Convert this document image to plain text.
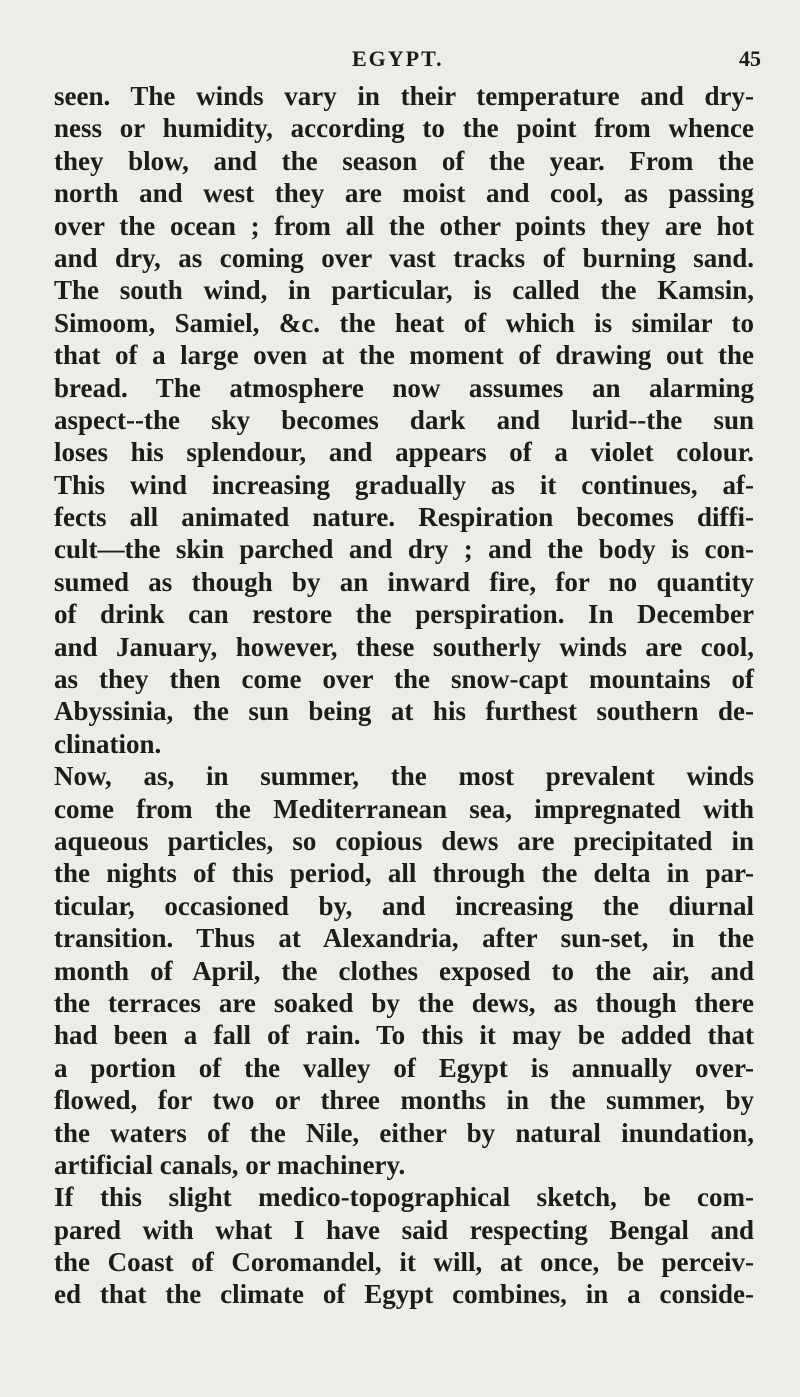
EGYPT.	45
seen. The winds vary in their temperature and dry-
ness or humidity, according to the point from whence
they blow, and the season of the year. From the
north and west they are moist and cool, as passing
over the ocean ; from all the other points they are hot
and dry, as coming over vast tracks of burning sand.
The south wind, in particular, is called the Kamsin,
Simoom, Samiel, &c. the heat of which is similar to
that of a large oven at the moment of drawing out the
bread. The atmosphere now assumes an alarming
aspect--the sky becomes dark and lurid--the sun
loses his splendour, and appears of a violet colour.
This wind increasing gradually as it continues, af-
fects all animated nature. Respiration becomes diffi-
cult—the skin parched and dry ; and the body is con-
sumed as though by an inward fire, for no quantity
of drink can restore the perspiration. In December
and January, however, these southerly winds are cool,
as they then come over the snow-capt mountains of
Abyssinia, the sun being at his furthest southern de-
clination.
Now, as, in summer, the most prevalent winds
come from the Mediterranean sea, impregnated with
aqueous particles, so copious dews are precipitated in
the nights of this period, all through the delta in par-
ticular, occasioned by, and increasing the diurnal
transition. Thus at Alexandria, after sun-set, in the
month of April, the clothes exposed to the air, and
the terraces are soaked by the dews, as though there
had been a fall of rain. To this it may be added that
a portion of the valley of Egypt is annually over-
flowed, for two or three months in the summer, by
the waters of the Nile, either by natural inundation,
artificial canals, or machinery.
If this slight medico-topographical sketch, be com-
pared with what I have said respecting Bengal and
the Coast of Coromandel, it will, at once, be perceiv-
ed that the climate of Egypt combines, in a conside-
